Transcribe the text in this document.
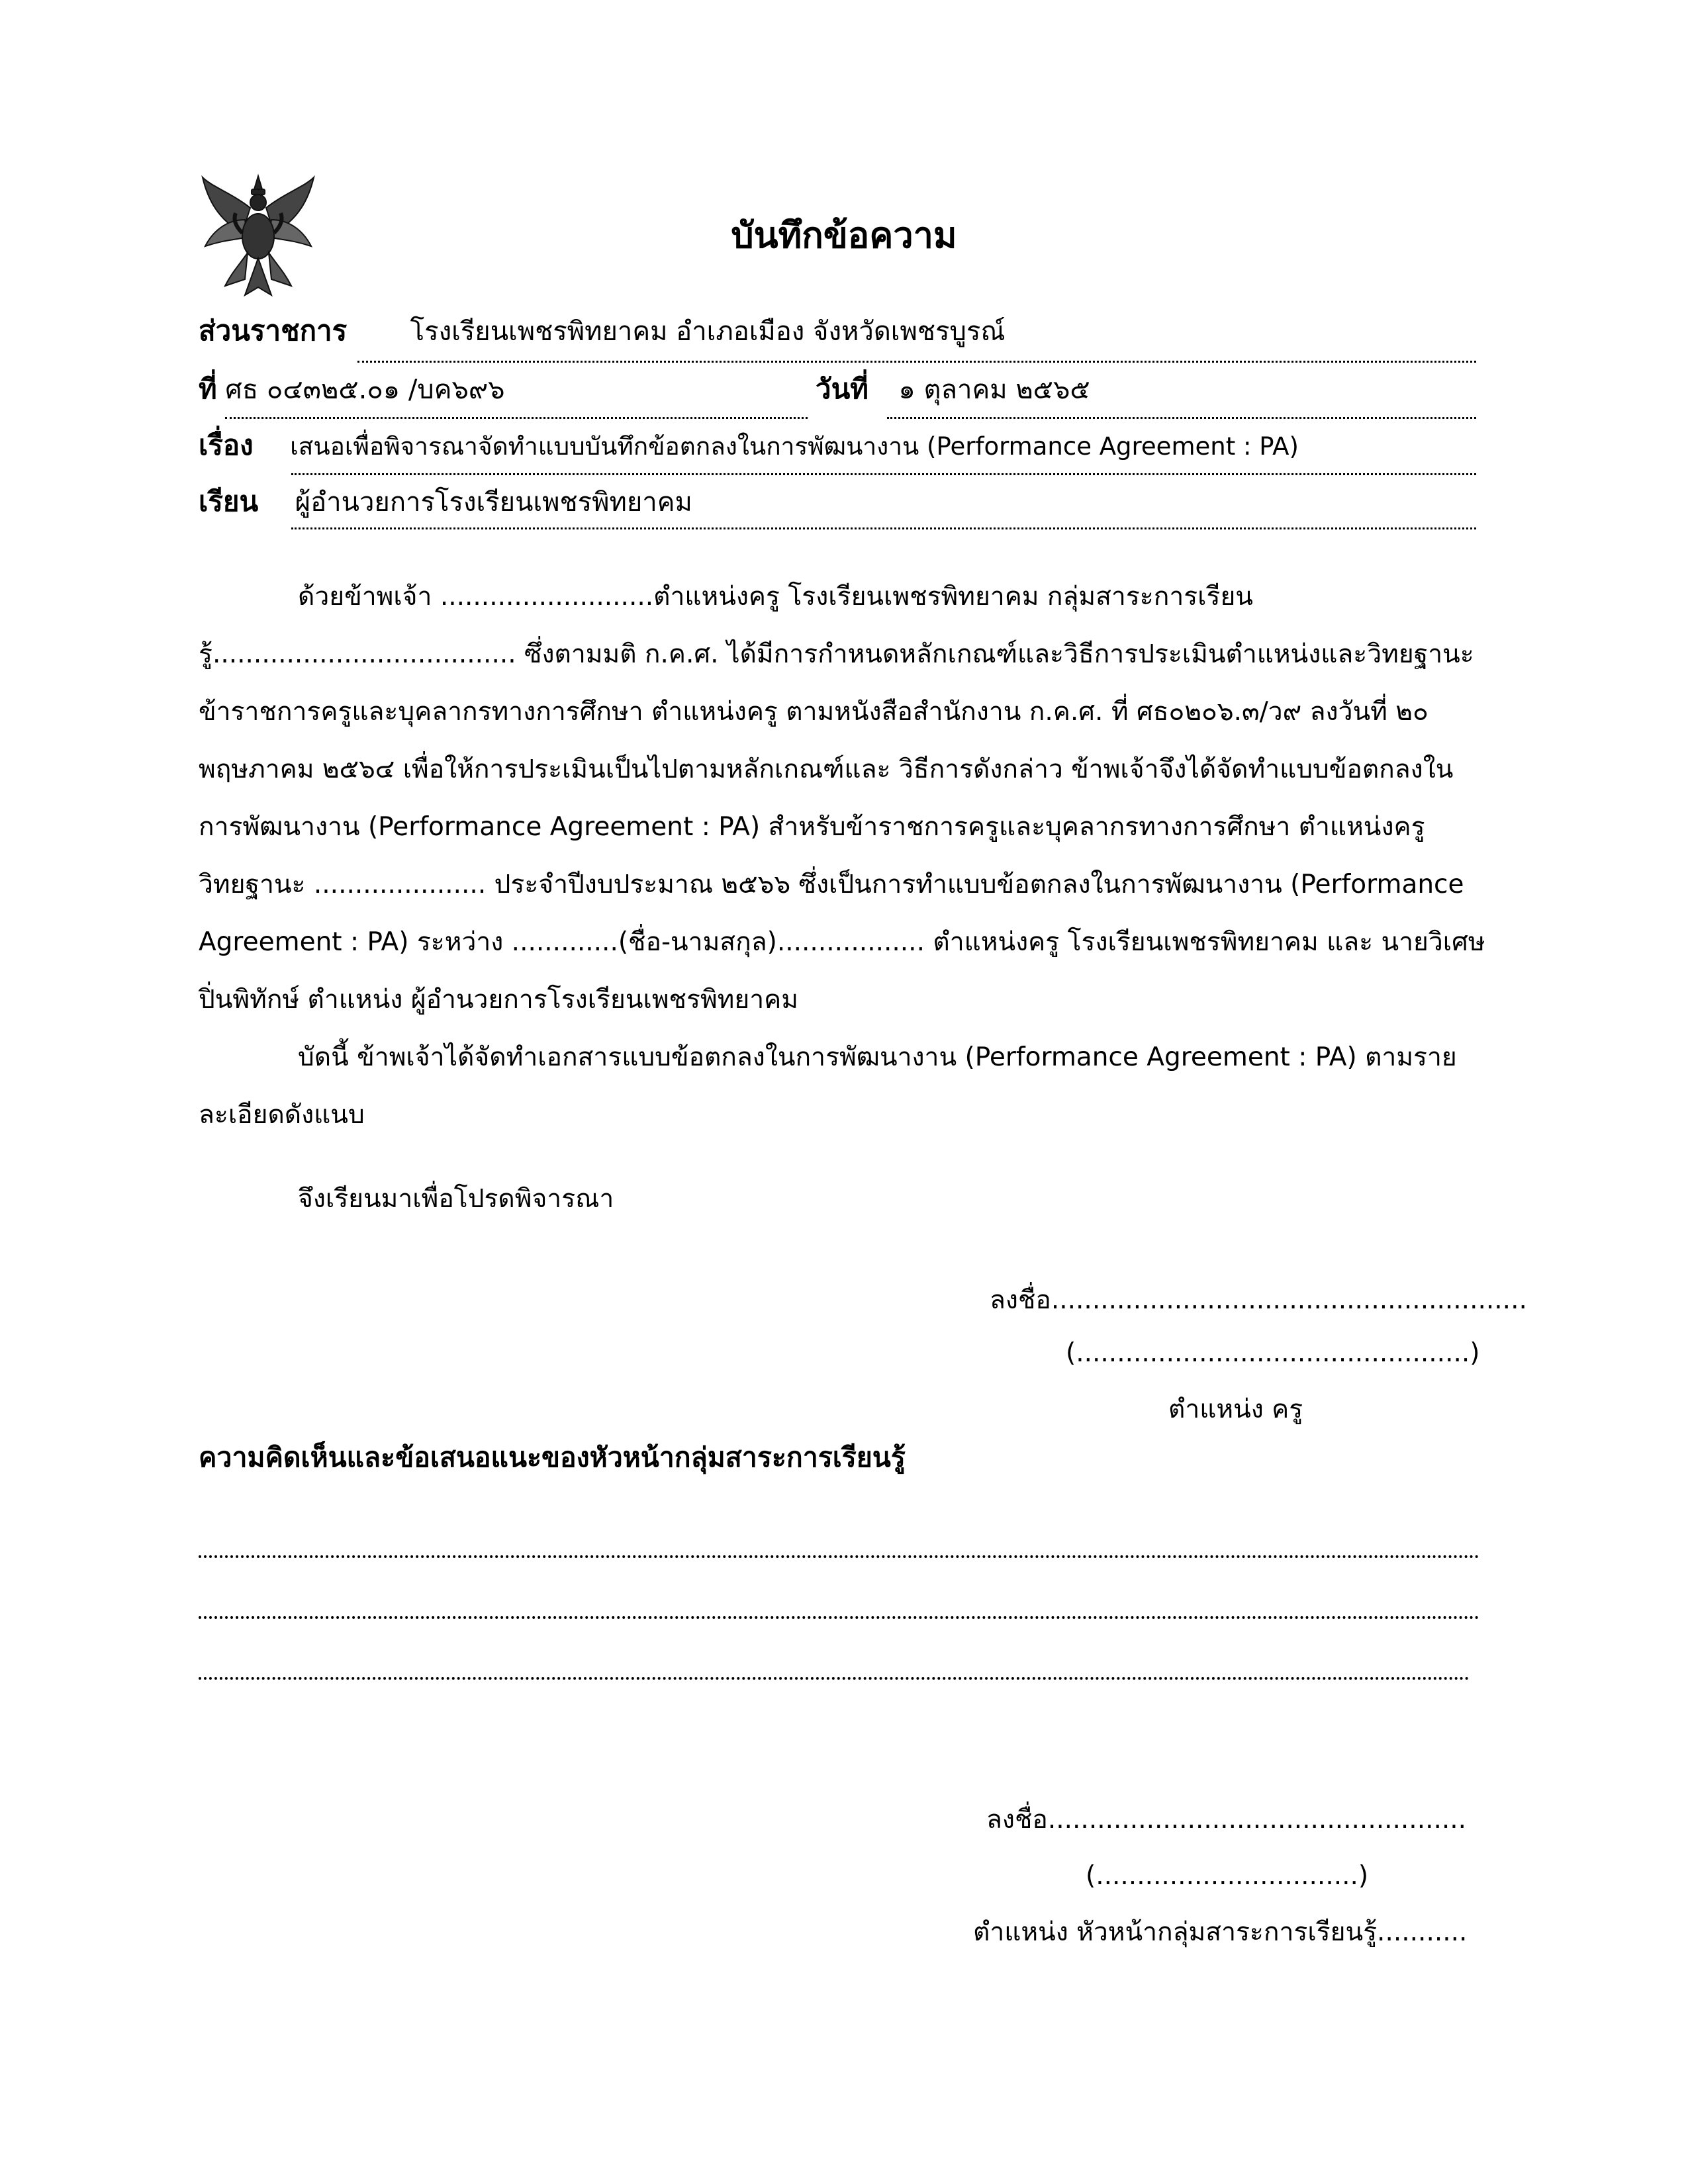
บันทึกข้อความ
ส่วนราชการ โรงเรียนเพชรพิทยาคม อำเภอเมือง จังหวัดเพชรบูรณ์
ที่ ศธ ๐๔๓๒๕.๐๑ /บค๖๙๖	วันที่ ๑ ตุลาคม ๒๕๖๕
เรื่อง เสนอเพื่อพิจารณาจัดทำแบบบันทึกข้อตกลงในการพัฒนางาน (Performance Agreement : PA)
เรียน ผู้อำนวยการโรงเรียนเพชรพิทยาคม

ด้วยข้าพเจ้า ..........................ตำแหน่งครู โรงเรียนเพชรพิทยาคม กลุ่มสาระการเรียนรู้..................................... ซึ่งตามมติ ก.ค.ศ. ได้มีการกำหนดหลักเกณฑ์และวิธีการประเมินตำแหน่งและวิทยฐานะข้าราชการครูและบุคลากรทางการศึกษา ตำแหน่งครู ตามหนังสือสำนักงาน ก.ค.ศ. ที่ ศธ๐๒๐๖.๓/ว๙ ลงวันที่ ๒๐ พฤษภาคม ๒๕๖๔ เพื่อให้การประเมินเป็นไปตามหลักเกณฑ์และ วิธีการดังกล่าว ข้าพเจ้าจึงได้จัดทำแบบข้อตกลงในการพัฒนางาน (Performance Agreement : PA) สำหรับข้าราชการครูและบุคลากรทางการศึกษา ตำแหน่งครู วิทยฐานะ ..................... ประจำปีงบประมาณ ๒๕๖๖ ซึ่งเป็นการทำแบบข้อตกลงในการพัฒนางาน (Performance Agreement : PA) ระหว่าง .............(ชื่อ-นามสกุล).................. ตำแหน่งครู โรงเรียนเพชรพิทยาคม และ นายวิเศษ ปิ่นพิทักษ์ ตำแหน่ง ผู้อำนวยการโรงเรียนเพชรพิทยาคม

บัดนี้ ข้าพเจ้าได้จัดทำเอกสารแบบข้อตกลงในการพัฒนางาน (Performance Agreement : PA) ตามรายละเอียดดังแนบ

จึงเรียนมาเพื่อโปรดพิจารณา

ลงชื่อ..........................................................
(................................................)
ตำแหน่ง ครู
ความคิดเห็นและข้อเสนอแนะของหัวหน้ากลุ่มสาระการเรียนรู้
ลงชื่อ...................................................
(................................)
ตำแหน่ง หัวหน้ากลุ่มสาระการเรียนรู้...........
